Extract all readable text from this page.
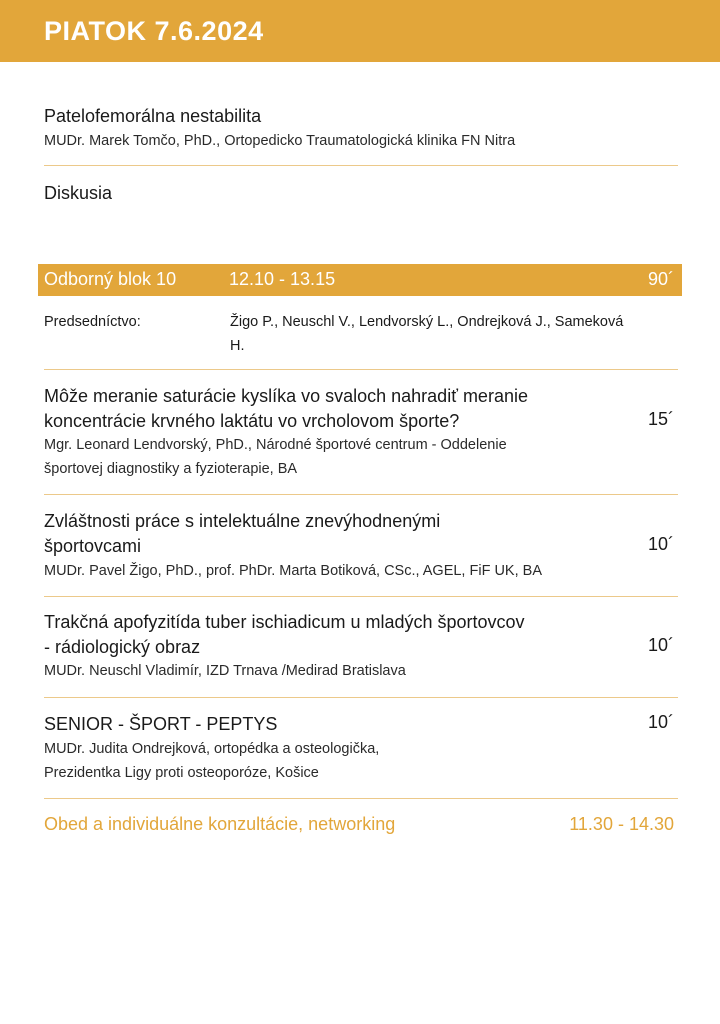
PIATOK 7.6.2024
Patelofemorálna nestabilita
MUDr. Marek Tomčo, PhD., Ortopedicko Traumatologická klinika FN Nitra
Diskusia
Odborný blok 10	12.10 - 13.15	90´
Predsedníctvo:	Žigo P., Neuschl V., Lendvorský L., Ondrejková J., Sameková H.
Môže meranie saturácie kyslíka vo svaloch nahradiť meranie
koncentrácie krvného laktátu vo vrcholovom športe?	15´
Mgr. Leonard Lendvorský, PhD., Národné športové centrum - Oddelenie
športovej diagnostiky a fyzioterapie, BA
Zvláštnosti práce s intelektuálne znevýhodnenými
športovcami	10´
MUDr. Pavel Žigo, PhD., prof. PhDr. Marta Botiková, CSc., AGEL, FiF UK, BA
Trakčná apofyzitída tuber ischiadicum u mladých športovcov
- rádiologický obraz	10´
MUDr. Neuschl Vladimír, IZD Trnava /Medirad Bratislava
SENIOR - ŠPORT - PEPTYS	10´
MUDr. Judita Ondrejková, ortopédka a osteologička,
Prezidentka Ligy proti osteoporóze, Košice
Obed a individuálne konzultácie, networking	11.30 - 14.30
